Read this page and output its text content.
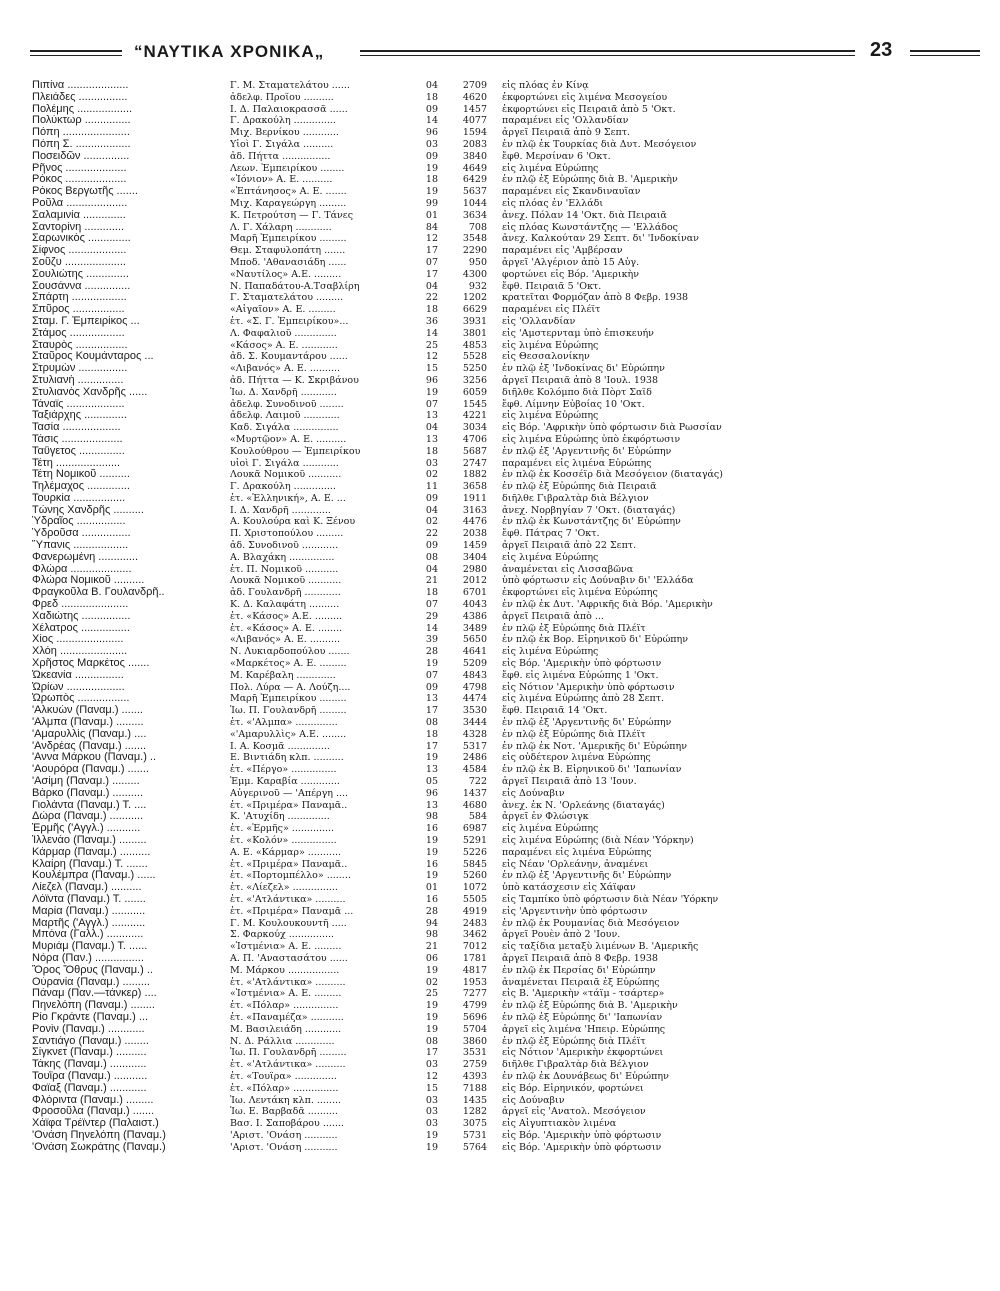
“ΝΑΥΤΙΚΑ ΧΡΟΝΙΚΑ„	23
Πιπίνα ....................	Γ. Μ. Σταματελάτου ......	04	2709 εἰς πλόας ἐν Κίνᾳ
Πλειάδες ................	ἀδελφ. Προΐου ..........	18	4620 ἐκφορτώνει εἰς λιμένα Μεσογείου
Πολέμης ..................	Ι. Δ. Παλαιοκρασσᾶ ......	09	1457 ἐκφορτώνει εἰς Πειραιᾶ ἀπὸ 5 'Οκτ.
Πολύκτωρ ...............	Γ. Δρακούλη ..............	14	4077 παραμένει εἰς 'Ολλανδίαν
Πόπη ......................	Μιχ. Βερνίκου ............	96	1594 ἀργεῖ Πειραιᾶ ἀπὸ 9 Σεπτ.
Πόπη Σ. ..................	Υἱοὶ Γ. Σιγάλα ..........	03	2083 ἐν πλῷ ἐκ Τουρκίας διὰ Δυτ. Μεσόγειον
Ποσειδῶν ...............	ἀδ. Πήττα ................	09	3840 ἔφθ. Μερσίναν 6 'Οκτ.
Ρῆνος ....................	Λεων. Ἐμπειρίκου ........	19	4649 εἰς λιμένα Εὐρώπης
Ρόκος ....................	«Ἰόνιον» Α. Ε. ..........	18	6429 ἐν πλῷ ἐξ Εὐρώπης διὰ Β. 'Αμερικὴν
Ρόκος Βεργωτῆς .......	«Ἐπτάνησος» Α. Ε. .......	19	5637 παραμένει εἰς Σκανδιναυΐαν
Ροῦλα ....................	Μιχ. Καραγεώργη .........	99	1044 εἰς πλόας ἐν 'Ελλάδι
Σαλαμινία ..............	Κ. Πετρούτση — Γ. Τάνες	01	3634 ἀνεχ. Πόλαν 14 'Οκτ. διὰ Πειραιᾶ
Σαντορίνη .............	Λ. Γ. Χάλαρη ............	84	708 εἰς πλόας Κωνστάντζης — 'Ελλάδος
Σαρωνικὸς ..............	Μαρῆ Ἐμπειρίκου .........	12	3548 ἀνεχ. Καλκούταν 29 Σεπτ. δι' 'Ινδοκίναν
Σίφνος ...................	Θεμ. Σταφυλοπάτη .......	17	2290 παραμένει εἰς 'Αμβέρσαν
Σοῦζυ ....................	Μποδ. 'Αθανασιάδη ......	07	950 ἀργεῖ 'Αλγέριον ἀπὸ 15 Αὐγ.
Σουλιώτης ..............	«Ναυτίλος» Α.Ε. .........	17	4300 φορτώνει εἰς Βόρ. 'Αμερικὴν
Σουσάννα ...............	Ν. Παπαδάτου-Α.Τσαβλίρη	04	932 ἔφθ. Πειραιᾶ 5 'Οκτ.
Σπάρτη ..................	Γ. Σταματελάτου .........	22	1202 κρατεῖται Φορμόζαν ἀπὸ 8 Φεβρ. 1938
Σπῦρος .................	«Αἰγαῖον» Α. Ε. .........	18	6629 παραμένει εἰς Πλέϊτ
Σταμ. Γ. Ἐμπειρίκος ...	ἑτ. «Σ. Γ. Ἐμπειρίκου»...	36	3931 εἰς 'Ολλανδίαν
Στάμος ..................	Λ. Φαφαλιοῦ ..............	14	3801 εἰς 'Αμστερνταμ ὑπὸ ἐπισκευήν
Σταυρὸς .................	«Κάσος» Α. Ε. ............	25	4853 εἰς λιμένα Εὐρώπης
Σταῦρος Κουμάνταρος ...	ἀδ. Σ. Κουμαντάρου ......	12	5528 εἰς Θεσσαλονίκην
Στρυμὼν ................	«Λιβανός» Α. Ε. ..........	15	5250 ἐν πλῷ ἐξ 'Ινδοκίνας δι' Εὐρώπην
Στυλιανὴ ...............	ἀδ. Πήττα — Κ. Σκριβάνου	96	3256 ἀργεῖ Πειραιᾶ ἀπὸ 8 'Ιουλ. 1938
Στυλιανὸς Χανδρῆς ......	Ἰω. Δ. Χανδρῆ ............	19	6059 διῆλθε Κολόμπο διὰ Πὸρτ Σαΐδ
Τάναϊς ...................	ἀδελφ. Συνοδινοῦ ........	07	1545 ἔφθ. Λίμνην Εὐβοίας 10 'Οκτ.
Ταξιάρχης ..............	ἀδελφ. Λαιμοῦ ............	13	4221 εἰς λιμένα Εὐρώπης
Τασία ...................	Καδ. Σιγάλα ...............	04	3034 εἰς Βόρ. 'Αφρικὴν ὑπὸ φόρτωσιν διὰ Ρωσσίαν
Τάσις ....................	«Μυρτῷον» Α. Ε. ..........	13	4706 εἰς λιμένα Εὐρώπης ὑπὸ ἐκφόρτωσιν
Ταΰγετος ...............	Κουλούθρου — Ἐμπειρίκου	18	5687 ἐν πλῷ ἐξ 'Αργεντινῆς δι' Εὐρώπην
Τέτη .....................	υἱοὶ Γ. Σιγάλα ............	03	2747 παραμένει εἰς λιμένα Εὐρώπης
Τέτη Νομικοῦ ..........	Λουκᾶ Νομικοῦ ...........	02	1882 ἐν πλῷ ἐκ Κοσσέϊρ διὰ Μεσόγειον (διαταγάς)
Τηλέμαχος ..............	Γ. Δρακούλη ..............	11	3658 ἐν πλῷ ἐξ Εὐρώπης διὰ Πειραιᾶ
Τουρκία .................	ἑτ. «Ἑλληνική», Α. Ε. ...	09	1911 διῆλθε Γιβραλτὰρ διὰ Βέλγιον
Τώνης Χανδρῆς ..........	Ι. Δ. Χανδρῆ .............	04	3163 ἀνεχ. Νορβηγίαν 7 'Οκτ. (διαταγάς)
Ὑδραῖος ................	Α. Κουλούρα καὶ Κ. Ξένου	02	4476 ἐν πλῷ ἐκ Κωνστάντζης δι' Εὐρώπην
Ὑδροῦσα ................	Π. Χριστοπούλου .........	22	2038 ἔφθ. Πάτρας 7 'Οκτ.
Ὕπανις ..................	ἀδ. Συνοδινοῦ ............	09	1459 ἀργεῖ Πειραιᾶ ἀπὸ 22 Σεπτ.
Φανερωμένη .............	Α. Βλαχάκη ...............	08	3404 εἰς λιμένα Εὐρώπης
Φλώρα ....................	ἑτ. Π. Νομικοῦ ...........	04	2980 ἀναμένεται εἰς Λισσαβῶνα
Φλώρα Νομικοῦ ..........	Λουκᾶ Νομικοῦ ...........	21	2012 ὑπὸ φόρτωσιν εἰς Δούναβιν δι' 'Ελλάδα
Φραγκοῦλα Β. Γουλανδρῆ..	ἀδ. Γουλανδρῆ ............	18	6701 ἐκφορτώνει εἰς λιμένα Εὐρώπης
Φρεδ ......................	Κ. Δ. Καλαφάτη ..........	07	4043 ἐν πλῷ ἐκ Δυτ. 'Αφρικῆς διὰ Βόρ. 'Αμερικὴν
Χαδιώτης ................	ἑτ. «Κάσος» Α.Ε. .........	29	4386 ἀργεῖ Πειραιᾶ ἀπὸ ...
Χέλατρος ................	ἑτ. «Κάσος» Α. Ε. ........	14	3489 ἐν πλῷ ἐξ Εὐρώπης διὰ Πλέϊτ
Χίος ......................	«Λιβανός» Α. Ε. ..........	39	5650 ἐν πλῷ ἐκ Βορ. Εἰρηνικοῦ δι' Εὐρώπην
Χλόη ......................	Ν. Λυκιαρδοπούλου .......	28	4641 εἰς λιμένα Εὐρώπης
Χρῆστος Μαρκέτος .......	«Μαρκέτος» Α. Ε. .........	19	5209 εἰς Βόρ. 'Αμερικὴν ὑπὸ φόρτωσιν
Ὠκεανία ................	Μ. Καρέβαλη .............	07	4843 ἔφθ. εἰς λιμένα Εὐρώπης 1 'Οκτ.
Ὠρίων ...................	Πολ. Λύρα — Α. Λούζη....	09	4798 εἰς Νότιον 'Αμερικὴν ὑπὸ φόρτωσιν
Ὠρωπὸς .................	Μαρῆ Ἐμπειρίκου .........	13	4474 εἰς λιμένα Εὐρώπης ἀπὸ 28 Σεπτ.
'Αλκυὼν (Παναμ.) .......	Ἰω. Π. Γουλανδρῆ .........	17	3530 ἔφθ. Πειραιᾶ 14 'Οκτ.
'Αλμπα (Παναμ.) .........	ἑτ. «'Αλμπα» ..............	08	3444 ἐν πλῷ ἐξ 'Αργεντινῆς δι' Εὐρώπην
'Αμαρυλλὶς (Παναμ.) ....	«'Αμαρυλλὶς» Α.Ε. ........	18	4328 ἐν πλῷ ἐξ Εὐρώπης διὰ Πλέϊτ
'Ανδρέας (Παναμ.) .......	Ι. Α. Κοσμᾶ ..............	17	5317 ἐν πλῷ ἐκ Νοτ. 'Αμερικῆς δι' Εὐρώπην
'Αννα Μάρκου (Παναμ.) ..	Ε. Βιντιάδη κλπ. ..........	19	2486 εἰς οὐδέτερον λιμένα Εὐρώπης
'Αουρόρα (Παναμ.) .......	ἑτ. «Πέργο» ...............	13	4584 ἐν πλῷ ἐκ Β. Εἰρηνικοῦ δι' 'Ιαπωνίαν
'Ασίμη (Παναμ.) .........	Ἐμμ. Καραβία .............	05	722 ἀργεῖ Πειραιᾶ ἀπὸ 13 'Ιουν.
Βάρκο (Παναμ.) ..........	Αὐγερινοῦ — 'Απέργη ....	96	1437 εἰς Δούναβιν
Γιολάντα (Παναμ.) Τ. ....	ἑτ. «Πριμέρα» Παναμᾶ..	13	4680 ἀνεχ. ἐκ Ν. 'Ορλεάνης (διαταγάς)
Δώρα (Παναμ.) ...........	Κ. 'Ατυχίδη ..............	98	584 ἀργεῖ ἐν Φλώσιγκ
Ἑρμῆς ('Αγγλ.) ...........	ἑτ. «Ἑρμῆς» ..............	16	6987 εἰς λιμένα Εὐρώπης
Ἰλλενάο (Παναμ.) .........	ἑτ. «Κολόν» ...............	19	5291 εἰς λιμένα Εὐρώπης (διὰ Νέαν 'Υόρκην)
Κάρμαρ (Παναμ.) ..........	Α. Ε. «Κάρμαρ» ...........	19	5226 παραμένει εἰς λιμένα Εὐρώπης
Κλαίρη (Παναμ.) Τ. .......	ἑτ. «Πριμέρα» Παναμᾶ..	16	5845 εἰς Νέαν 'Ορλεάνην, ἀναμένει
Κουλέμπρα (Παναμ.) ......	ἑτ. «Πορτομπέλλο» ........	19	5260 ἐν πλῷ ἐξ 'Αργεντινῆς δι' Εὐρώπην
Λίεζελ (Παναμ.) ..........	ἑτ. «Λίεζελ» ...............	01	1072 ὑπὸ κατάσχεσιν εἰς Χάϊφαν
Λόϊντα (Παναμ.) Τ. .......	ἑτ. «'Ατλάντικα» ..........	16	5505 εἰς Ταμπίκο ὑπὸ φόρτωσιν διὰ Νέαν 'Υόρκην
Μαρία (Παναμ.) ...........	ἑτ. «Πριμέρα» Παναμᾶ ...	28	4919 εἰς 'Αργεντινὴν ὑπὸ φόρτωσιν
Μαρτῆς ('Αγγλ.) ...........	Γ. Μ. Κουλουκουντῆ .....	94	2483 ἐν πλῷ ἐκ Ρουμανίας διὰ Μεσόγειον
Μπόνα (Γαλλ.) ............	Σ. Φαρκούχ ...............	98	3462 ἀργεῖ Ρουὲν ἀπὸ 2 'Ιουν.
Μυριάμ (Παναμ.) Τ. ......	«Ἰστμένια» Α. Ε. .........	21	7012 εἰς ταξίδια μεταξὺ λιμένων Β. 'Αμερικῆς
Νόρα (Παν.) ................	Α. Π. 'Αναστασάτου ......	06	1781 ἀργεῖ Πειραιᾶ ἀπὸ 8 Φεβρ. 1938
Ὄρος Ὄθρυς (Παναμ.) ..	Μ. Μάρκου .................	19	4817 ἐν πλῷ ἐκ Περσίας δι' Εὐρώπην
Οὐρανία (Παναμ.) .........	ἑτ. «'Ατλάντικα» ..........	02	1953 ἀναμένεται Πειραιᾶ ἐξ Εὐρώπης
Πάναμ (Παν.—τάνκερ) ....	«Ἰστμένια» Α. Ε. .........	25	7277 εἰς Β. 'Αμερικὴν «τάϊμ - τσάρτερ»
Πηνελόπη (Παναμ.) ........	ἑτ. «Πόλαρ» ...............	19	4799 ἐν πλῷ ἐξ Εὐρώπης διὰ Β. 'Αμερικὴν
Ρίο Γκράντε (Παναμ.) ...	ἑτ. «Παναμέζα» ...........	19	5696 ἐν πλῷ ἐξ Εὐρώπης δι' 'Ιαπωνίαν
Ρονὶν (Παναμ.) ............	Μ. Βασιλειάδη ............	19	5704 ἀργεῖ εἰς λιμένα 'Ηπειρ. Εὐρώπης
Σαντιάγο (Παναμ.) ........	Ν. Δ. Ράλλια .............	08	3860 ἐν πλῷ ἐξ Εὐρώπης διὰ Πλέϊτ
Σίγκνετ (Παναμ.) ..........	Ἰω. Π. Γουλανδρῆ .........	17	3531 εἰς Νότιον 'Αμερικὴν ἐκφορτώνει
Τάκης (Παναμ.) ............	ἑτ. «'Ατλάντικα» ..........	03	2759 διῆλθε Γιβραλτὰρ διὰ Βέλγιον
Τουΐρα (Παναμ.) ...........	ἑτ. «Τουΐρα» ..............	12	4393 ἐν πλῷ ἐκ Δουνάβεως δι' Εὐρώπην
Φαϊαξ (Παναμ.) ............	ἑτ. «Πόλαρ» ...............	15	7188 εἰς Βόρ. Εἰρηνικόν, φορτώνει
Φλόριντα (Παναμ.) .........	Ἰω. Λεντάκη κλπ. ........	03	1435 εἰς Δούναβιν
Φροσοῦλα (Παναμ.) .......	Ἰω. Ε. Βαρβαδᾶ ..........	03	1282 ἀργεῖ εἰς 'Ανατολ. Μεσόγειον
Χάϊφα Τρέϊντερ (Παλαιστ.)	Βασ. Ι. Σαποβάρου .......	03	3075 εἰς Αἰγυπτιακὸν λιμένα
'Ονάση Πηνελόπη (Παναμ.)	'Αριστ. 'Ονάση ...........	19	5731 εἰς Βόρ. 'Αμερικὴν ὑπὸ φόρτωσιν
'Ονάση Σωκράτης (Παναμ.)	'Αριστ. 'Ονάση ...........	19	5764 εἰς Βόρ. 'Αμερικὴν ὑπὸ φόρτωσιν
